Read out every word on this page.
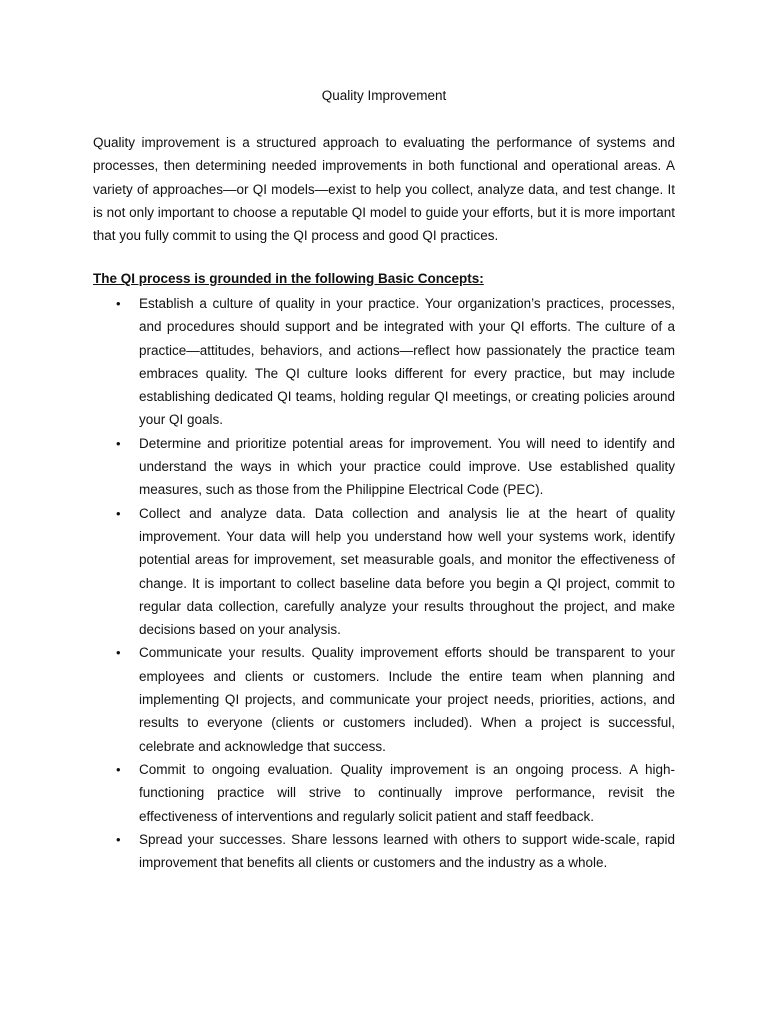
Quality Improvement

Quality improvement is a structured approach to evaluating the performance of systems and processes, then determining needed improvements in both functional and operational areas. A variety of approaches—or QI models—exist to help you collect, analyze data, and test change. It is not only important to choose a reputable QI model to guide your efforts, but it is more important that you fully commit to using the QI process and good QI practices.

The QI process is grounded in the following Basic Concepts:

• Establish a culture of quality in your practice. Your organization’s practices, processes, and procedures should support and be integrated with your QI efforts. The culture of a practice—attitudes, behaviors, and actions—reflect how passionately the practice team embraces quality. The QI culture looks different for every practice, but may include establishing dedicated QI teams, holding regular QI meetings, or creating policies around your QI goals.
• Determine and prioritize potential areas for improvement. You will need to identify and understand the ways in which your practice could improve. Use established quality measures, such as those from the Philippine Electrical Code (PEC).
• Collect and analyze data. Data collection and analysis lie at the heart of quality improvement. Your data will help you understand how well your systems work, identify potential areas for improvement, set measurable goals, and monitor the effectiveness of change. It is important to collect baseline data before you begin a QI project, commit to regular data collection, carefully analyze your results throughout the project, and make decisions based on your analysis.
• Communicate your results. Quality improvement efforts should be transparent to your employees and clients or customers. Include the entire team when planning and implementing QI projects, and communicate your project needs, priorities, actions, and results to everyone (clients or customers included). When a project is successful, celebrate and acknowledge that success.
• Commit to ongoing evaluation. Quality improvement is an ongoing process. A high-functioning practice will strive to continually improve performance, revisit the effectiveness of interventions and regularly solicit patient and staff feedback.
• Spread your successes. Share lessons learned with others to support wide-scale, rapid improvement that benefits all clients or customers and the industry as a whole.
